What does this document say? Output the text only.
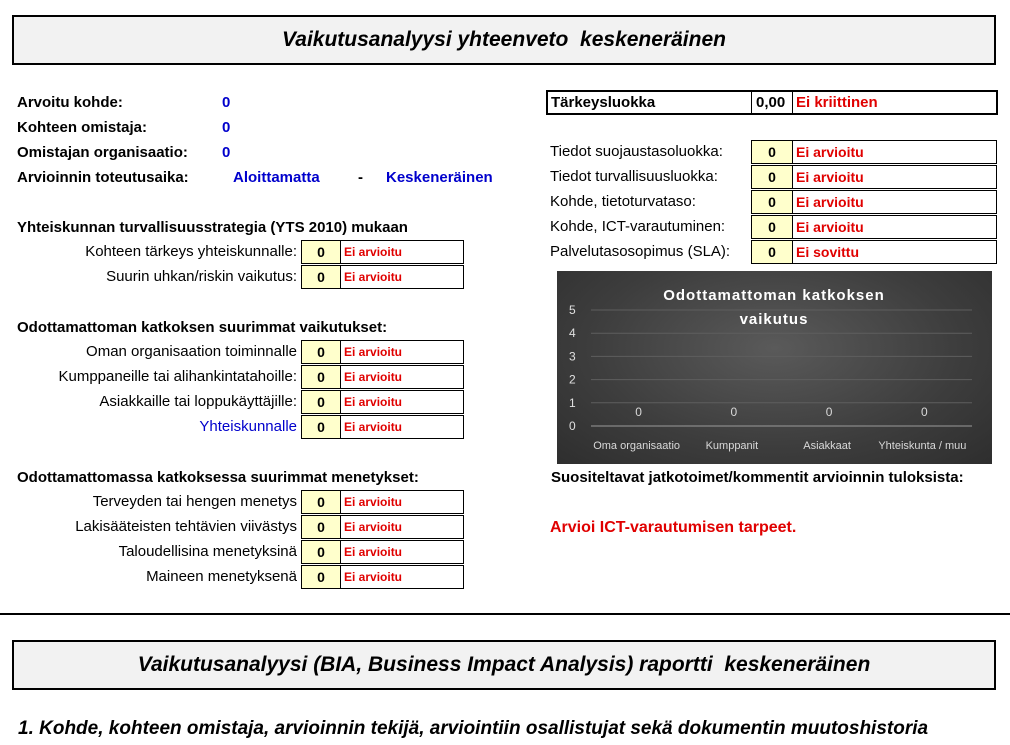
Vaikutusanalyysi yhteenveto  keskeneräinen
Arvoitu kohde:	0
Kohteen omistaja:	0
Omistajan organisaatio: 0
Arvioinnin toteutusaika:	Aloittamatta	- Keskeneräinen
Yhteiskunnan turvallisuusstrategia (YTS 2010) mukaan
Kohteen tärkeys yhteiskunnalle:	0	Ei arvioitu
Suurin uhkan/riskin vaikutus:	0	Ei arvioitu
Odottamattoman katkoksen suurimmat vaikutukset:
Oman organisaation toiminnalle	0	Ei arvioitu
Kumppaneille tai alihankintatahoille:	0	Ei arvioitu
Asiakkaille tai loppukäyttäjille:	0	Ei arvioitu
Yhteiskunnalle	0	Ei arvioitu
Odottamattomassa katkoksessa suurimmat menetykset:
Terveyden tai hengen menetys	0	Ei arvioitu
Lakisääteisten tehtävien viivästys	0	Ei arvioitu
Taloudellisina menetyksinä	0	Ei arvioitu
Maineen menetyksenä	0	Ei arvioitu
Tärkeysluokka	0,00 Ei kriittinen
Tiedot suojaustasoluokka:	0	Ei arvioitu
Tiedot turvallisuusluokka:	0	Ei arvioitu
Kohde, tietoturvataso:	0	Ei arvioitu
Kohde, ICT-varautuminen:	0	Ei arvioitu
Palvelutasosopimus (SLA):	0	Ei sovittu
Odottamattoman katkoksen
vaikutus
0
1
2
3
4
5
0
Oma organisaatio
0
Kumppanit
0
Asiakkaat
0
Yhteiskunta / muu
Suositeltavat jatkotoimet/kommentit arvioinnin tuloksista:
Arvioi ICT-varautumisen tarpeet.
Vaikutusanalyysi (BIA, Business Impact Analysis) raportti  keskeneräinen
1. Kohde, kohteen omistaja, arvioinnin tekijä, arviointiin osallistujat sekä dokumentin muutoshistoria
